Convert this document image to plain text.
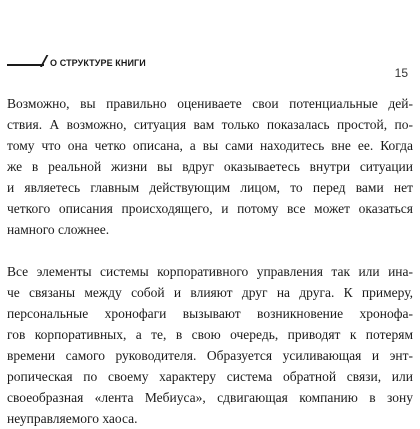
О СТРУКТУРЕ КНИГИ
15

Возможно, вы правильно оцениваете свои потенциальные дей-
ствия. А возможно, ситуация вам только показалась простой, по-
тому что она четко описана, а вы сами находитесь вне ее. Когда
же в реальной жизни вы вдруг оказываетесь внутри ситуации
и являетесь главным действующим лицом, то перед вами нет
четкого описания происходящего, и потому все может оказаться
намного сложнее.

Все элементы системы корпоративного управления так или ина-
че связаны между собой и влияют друг на друга. К примеру,
персональные хронофаги вызывают возникновение хронофа-
гов корпоративных, а те, в свою очередь, приводят к потерям
времени самого руководителя. Образуется усиливающая и энт-
ропическая по своему характеру система обратной связи, или
своеобразная «лента Мебиуса», сдвигающая компанию в зону
неуправляемого хаоса.
